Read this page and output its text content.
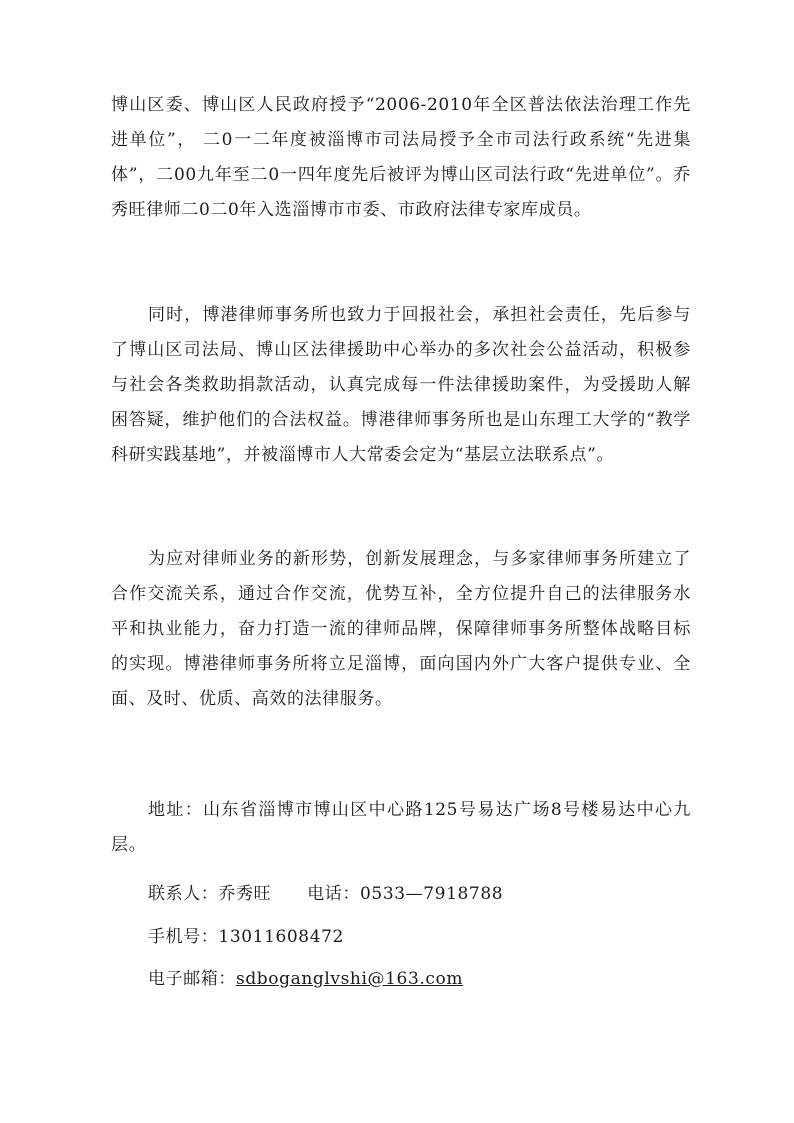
博山区委、博山区人民政府授予“2006-2010年全区普法依法治理工作先进单位”， 二0一二年度被淄博市司法局授予全市司法行政系统“先进集体”，二00九年至二0一四年度先后被评为博山区司法行政“先进单位”。乔秀旺律师二0二0年入选淄博市市委、市政府法律专家库成员。

同时，博港律师事务所也致力于回报社会，承担社会责任，先后参与了博山区司法局、博山区法律援助中心举办的多次社会公益活动，积极参与社会各类救助捐款活动，认真完成每一件法律援助案件，为受援助人解困答疑，维护他们的合法权益。博港律师事务所也是山东理工大学的“教学科研实践基地”，并被淄博市人大常委会定为“基层立法联系点”。

为应对律师业务的新形势，创新发展理念，与多家律师事务所建立了合作交流关系，通过合作交流，优势互补，全方位提升自己的法律服务水平和执业能力，奋力打造一流的律师品牌，保障律师事务所整体战略目标的实现。博港律师事务所将立足淄博，面向国内外广大客户提供专业、全面、及时、优质、高效的法律服务。

地址：山东省淄博市博山区中心路125号易达广场8号楼易达中心九层。

联系人：乔秀旺 电话：0533—7918788

手机号：13011608472

电子邮箱：sdboganglvshi@163.com
